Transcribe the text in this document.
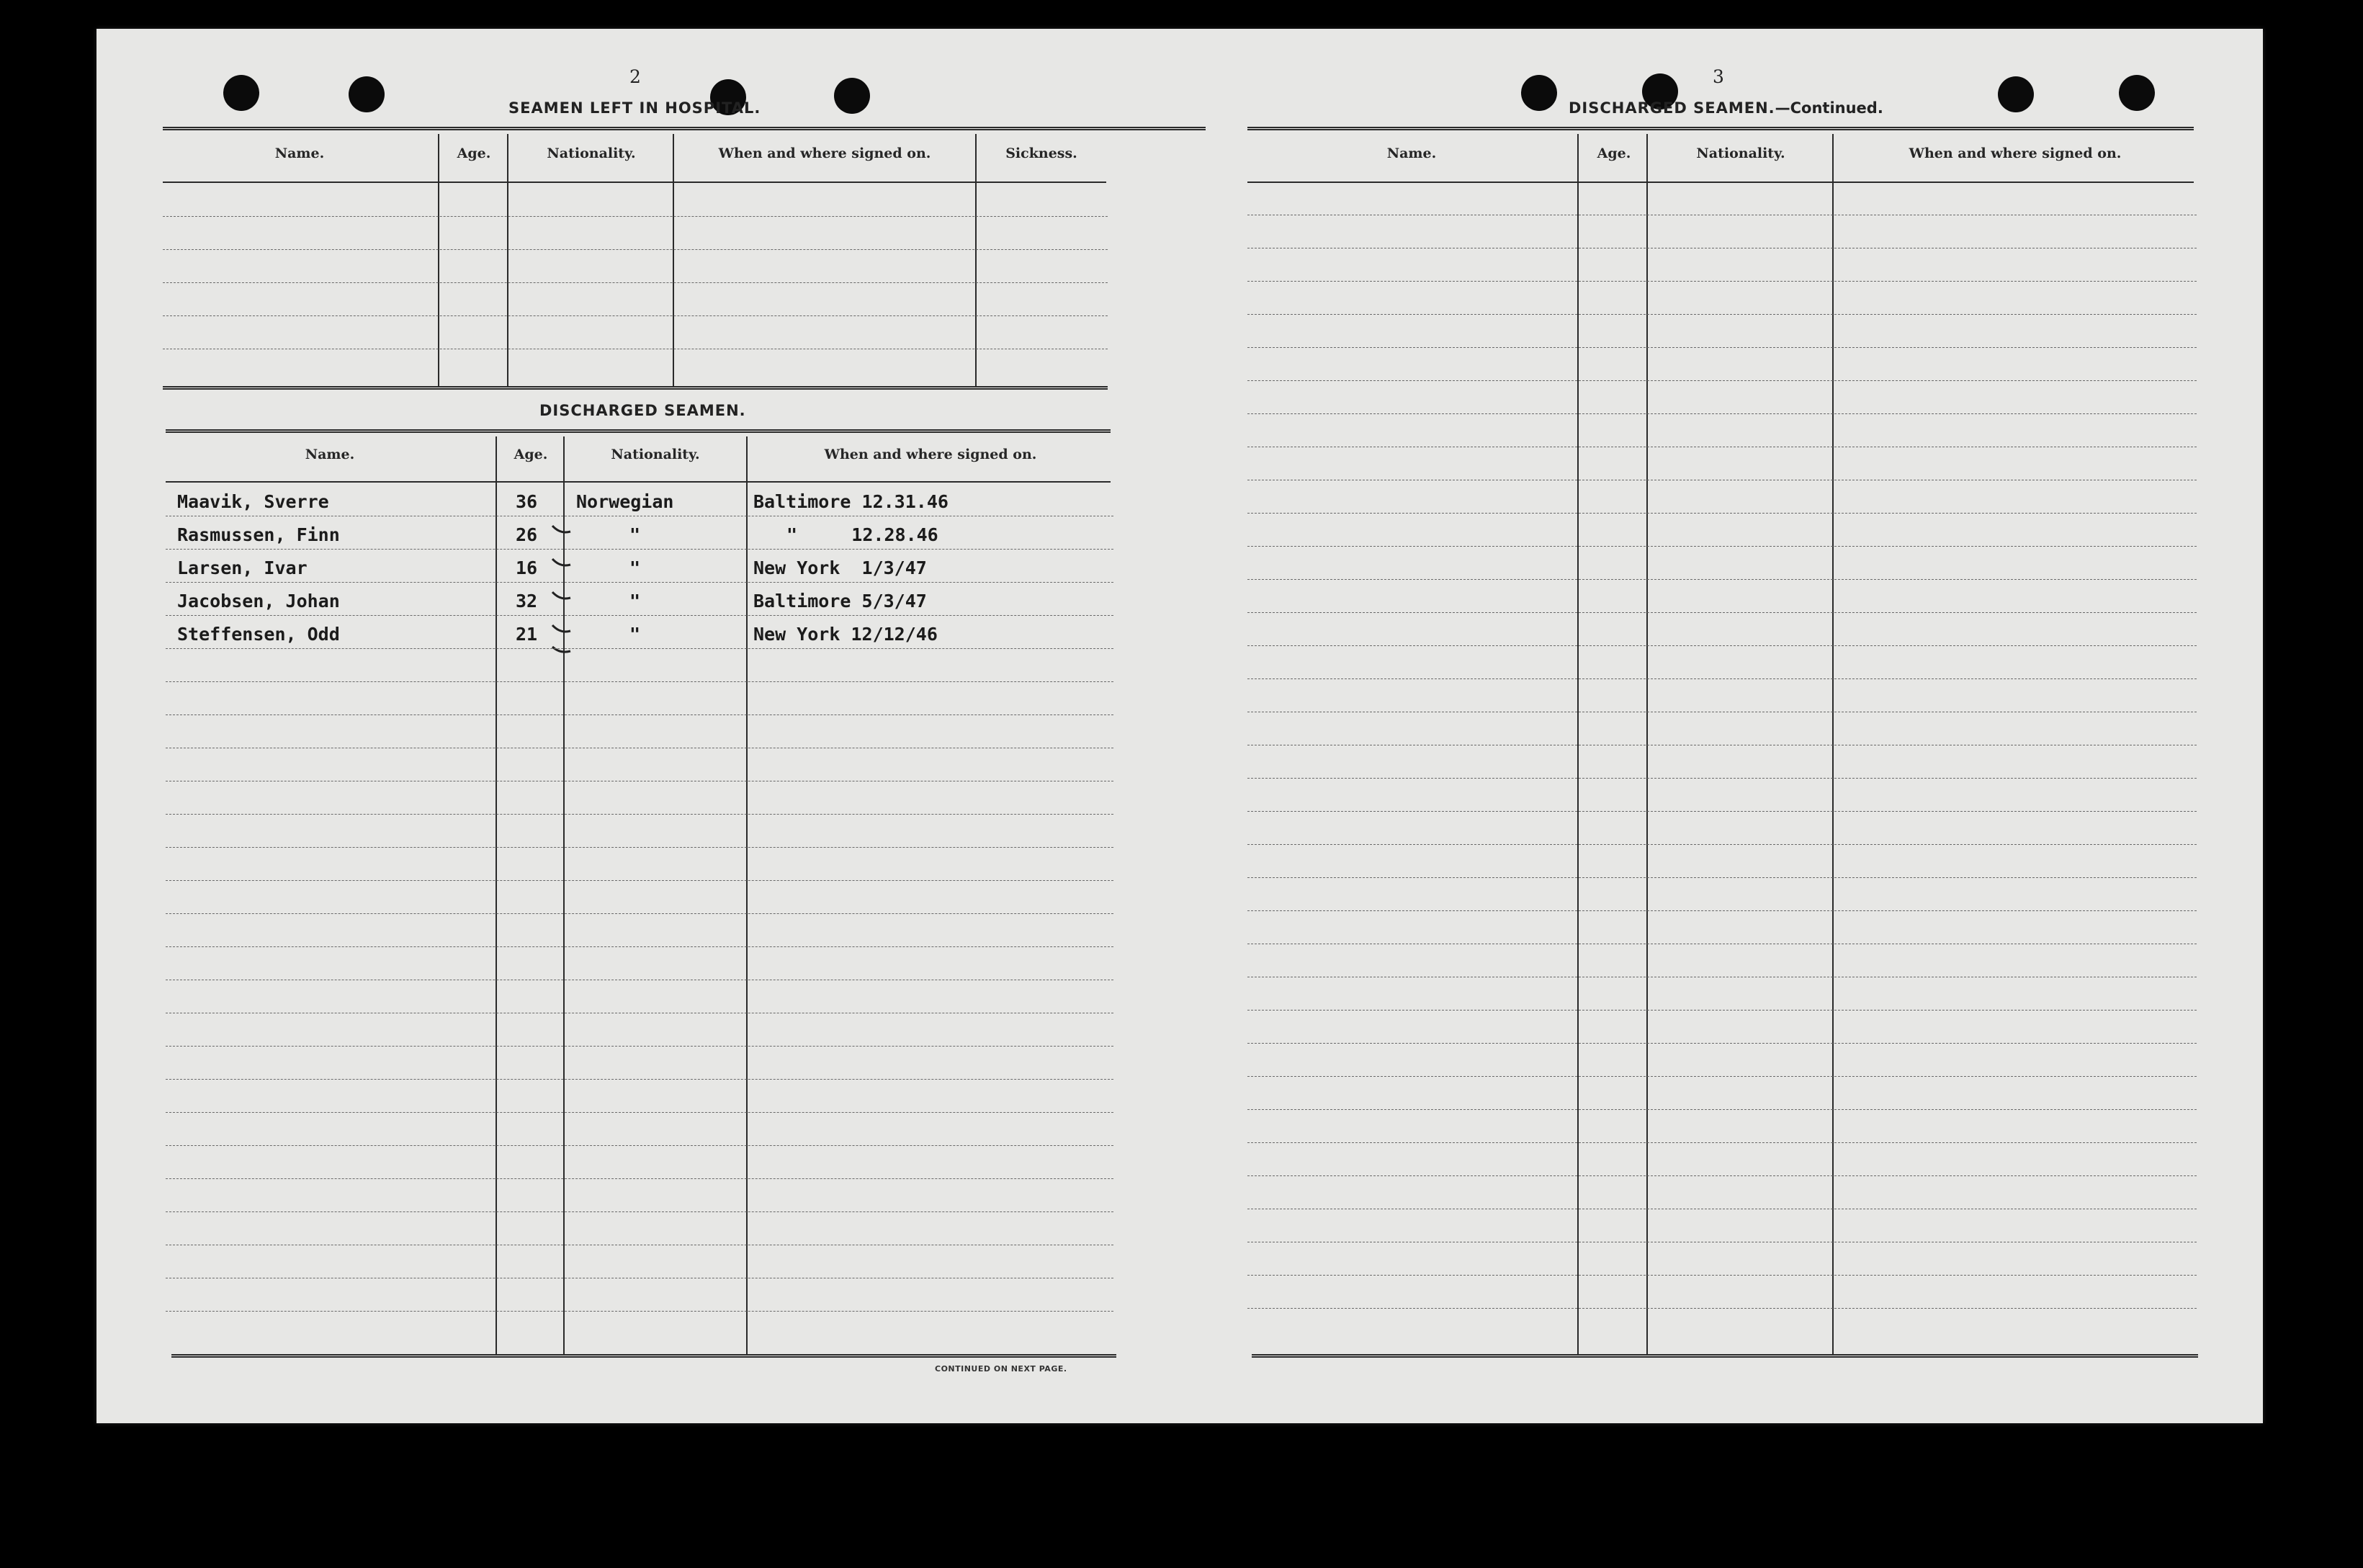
2
SEAMEN LEFT IN HOSPITAL.
Name.	Age.	Nationality.	When and where signed on.	Sickness.
DISCHARGED SEAMEN.
Name.	Age.	Nationality.	When and where signed on.
Maavik, Sverre	36 Norwegian	Baltimore 12.31.46
Rasmussen, Finn	26	"	"     12.28.46
Larsen, Ivar	16	"	New York  1/3/47
Jacobsen, Johan	32	"	Baltimore 5/3/47
Steffensen, Odd	21	"	New York 12/12/46
CONTINUED ON NEXT PAGE.
3
DISCHARGED SEAMEN.—Continued.
Name.	Age.	Nationality.	When and where signed on.
